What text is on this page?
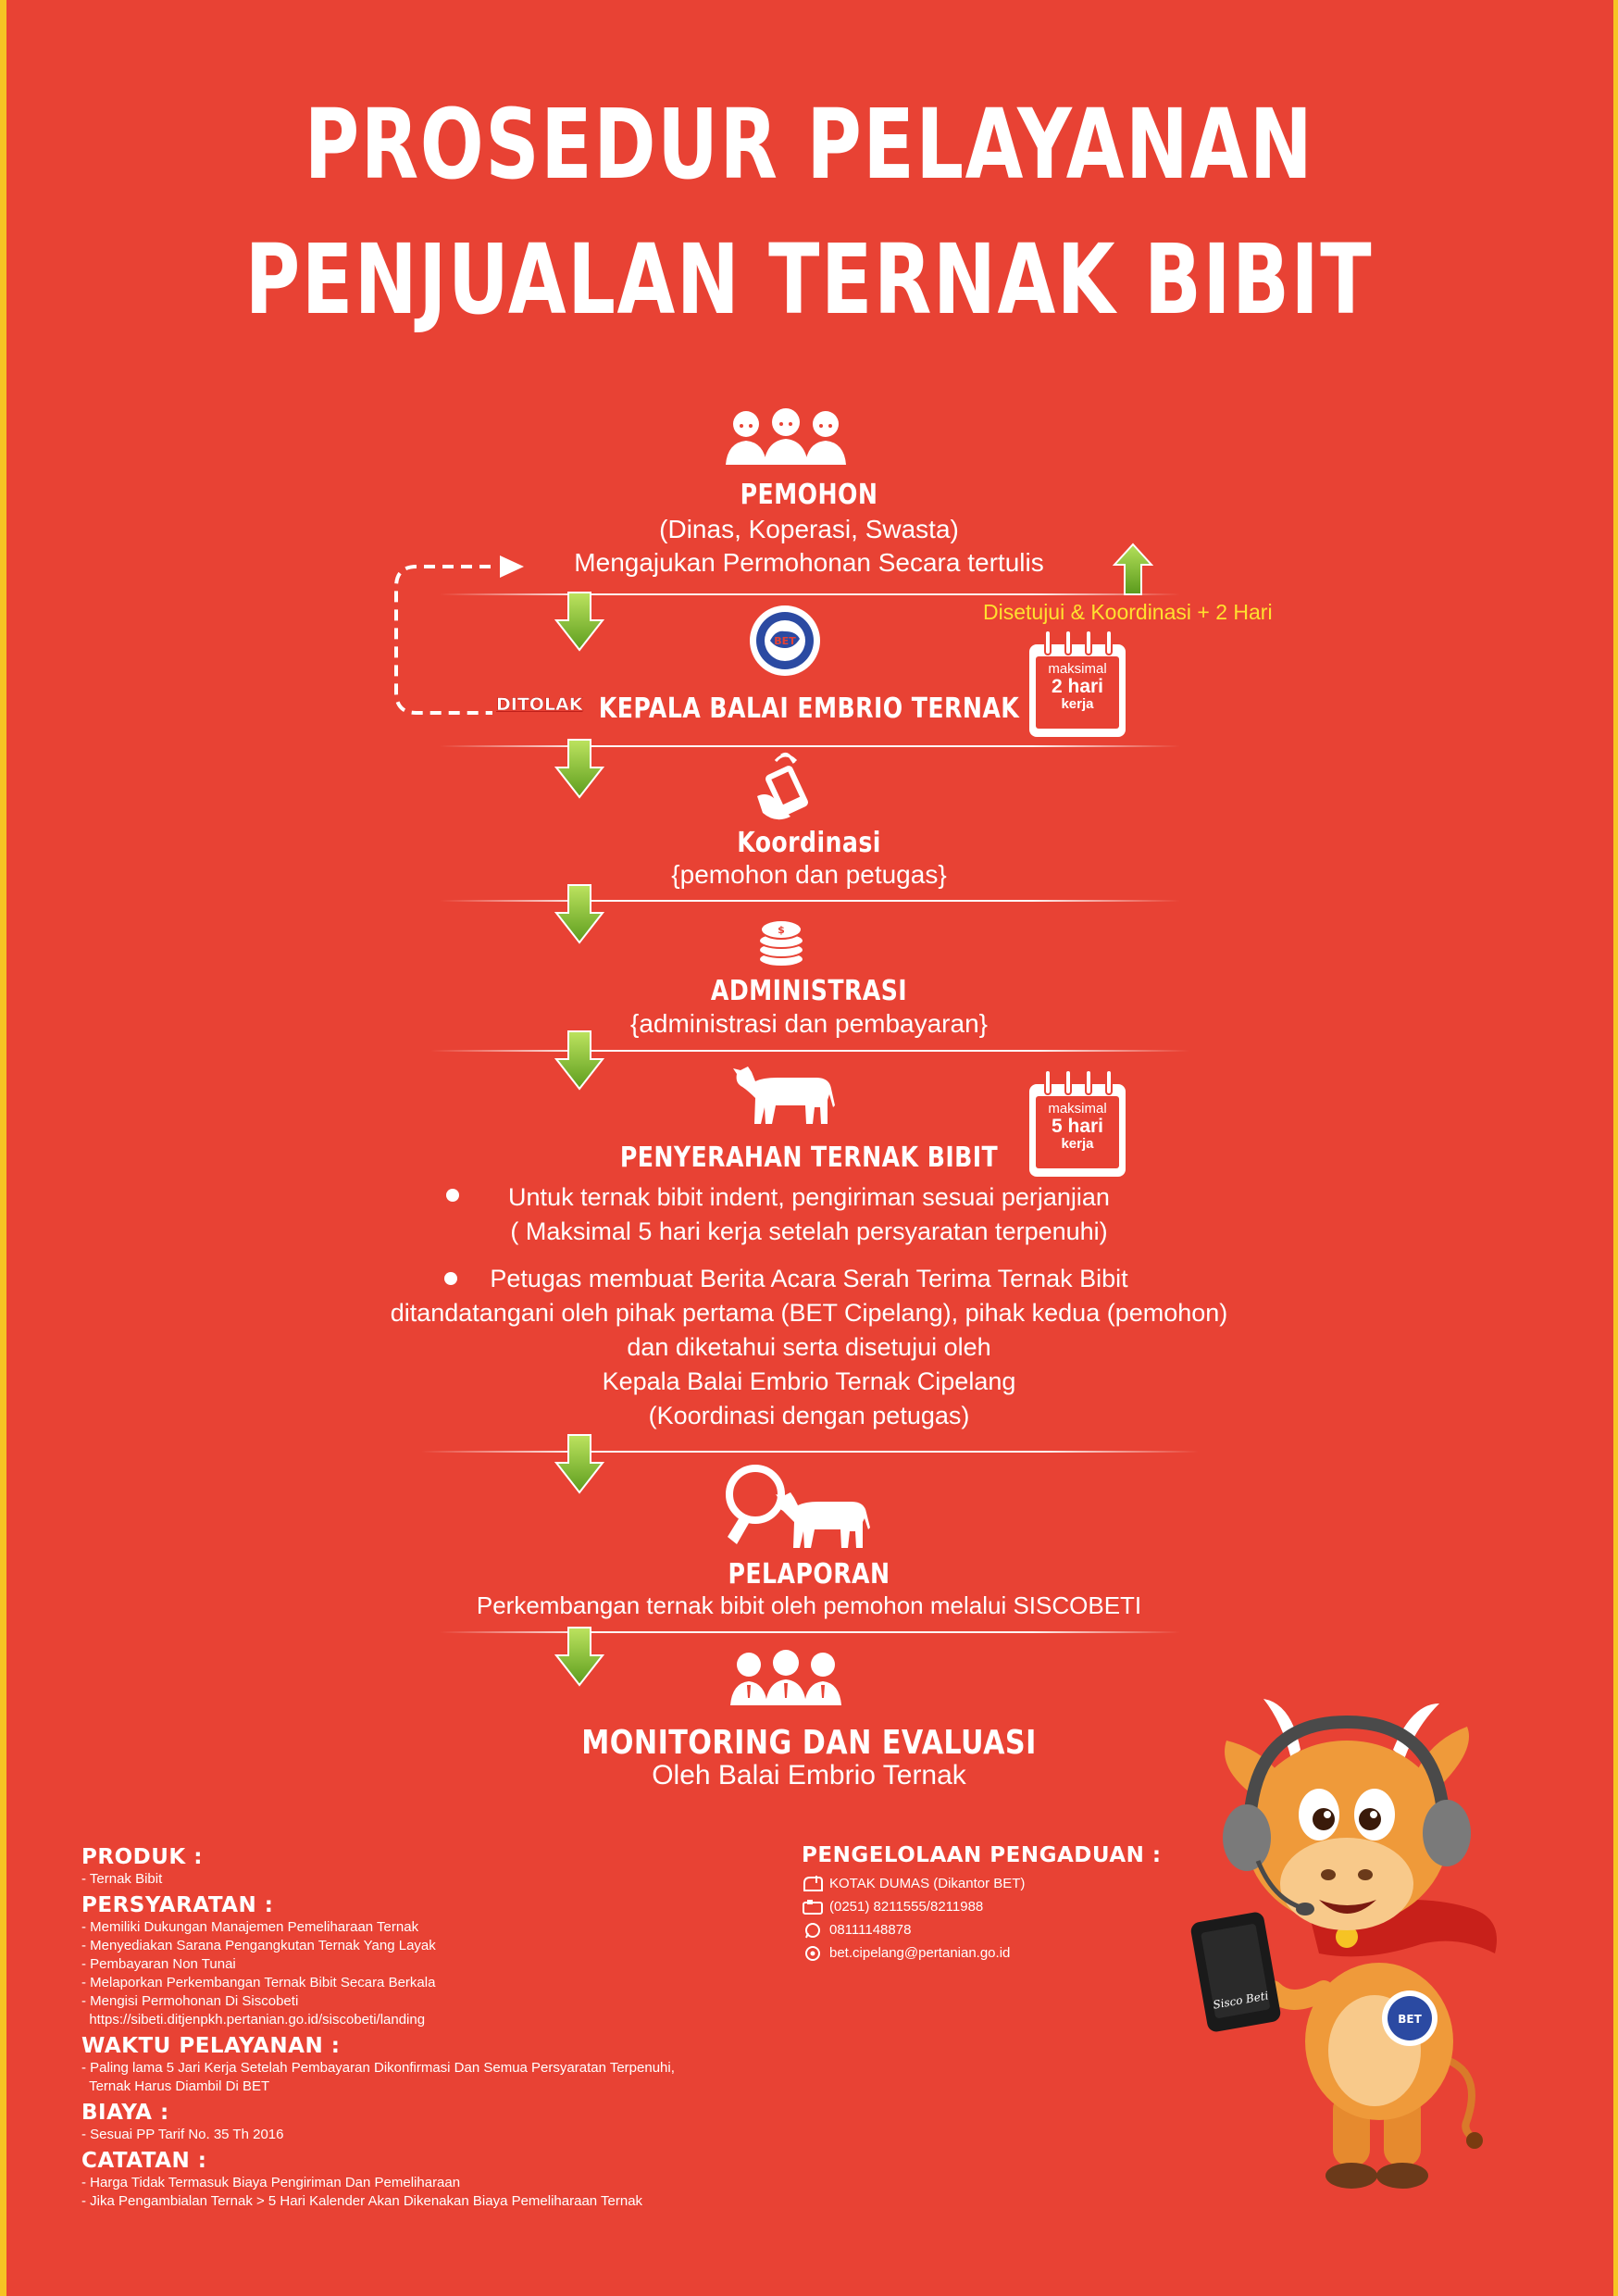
PROSEDUR PELAYANAN
PENJUALAN TERNAK BIBIT
PEMOHON
(Dinas, Koperasi, Swasta)
Mengajukan Permohonan Secara tertulis
DITOLAK
Disetujui & Koordinasi + 2 Hari
BET
KEPALA BALAI EMBRIO TERNAK
maksimal
2 hari
kerja
Koordinasi
{pemohon dan petugas}
$
ADMINISTRASI
{administrasi dan pembayaran}
PENYERAHAN TERNAK BIBIT
maksimal
5 hari
kerja
Untuk ternak bibit indent, pengiriman sesuai perjanjian
( Maksimal 5 hari kerja setelah persyaratan terpenuhi)
Petugas membuat Berita Acara Serah Terima Ternak Bibit
ditandatangani oleh pihak pertama (BET Cipelang), pihak kedua (pemohon)
dan diketahui serta disetujui oleh
Kepala Balai Embrio Ternak Cipelang
(Koordinasi dengan petugas)
PELAPORAN
Perkembangan ternak bibit oleh pemohon melalui SISCOBETI
MONITORING DAN EVALUASI
Oleh Balai Embrio Ternak
PRODUK :
- Ternak Bibit
PERSYARATAN :
- Memiliki Dukungan Manajemen Pemeliharaan Ternak
- Menyediakan Sarana Pengangkutan Ternak Yang Layak
- Pembayaran Non Tunai
- Melaporkan Perkembangan Ternak Bibit Secara Berkala
- Mengisi Permohonan Di Siscobeti
https://sibeti.ditjenpkh.pertanian.go.id/siscobeti/landing
WAKTU PELAYANAN :
- Paling lama 5 Jari Kerja Setelah Pembayaran Dikonfirmasi Dan Semua Persyaratan Terpenuhi,
Ternak Harus Diambil Di BET
BIAYA :
- Sesuai PP Tarif No. 35 Th 2016
CATATAN :
- Harga Tidak Termasuk Biaya Pengiriman Dan Pemeliharaan
- Jika Pengambialan Ternak > 5 Hari Kalender Akan Dikenakan Biaya Pemeliharaan Ternak
PENGELOLAAN PENGADUAN :
KOTAK DUMAS (Dikantor BET)
(0251) 8211555/8211988
08111148878
bet.cipelang@pertanian.go.id
BET
Sisco Beti
